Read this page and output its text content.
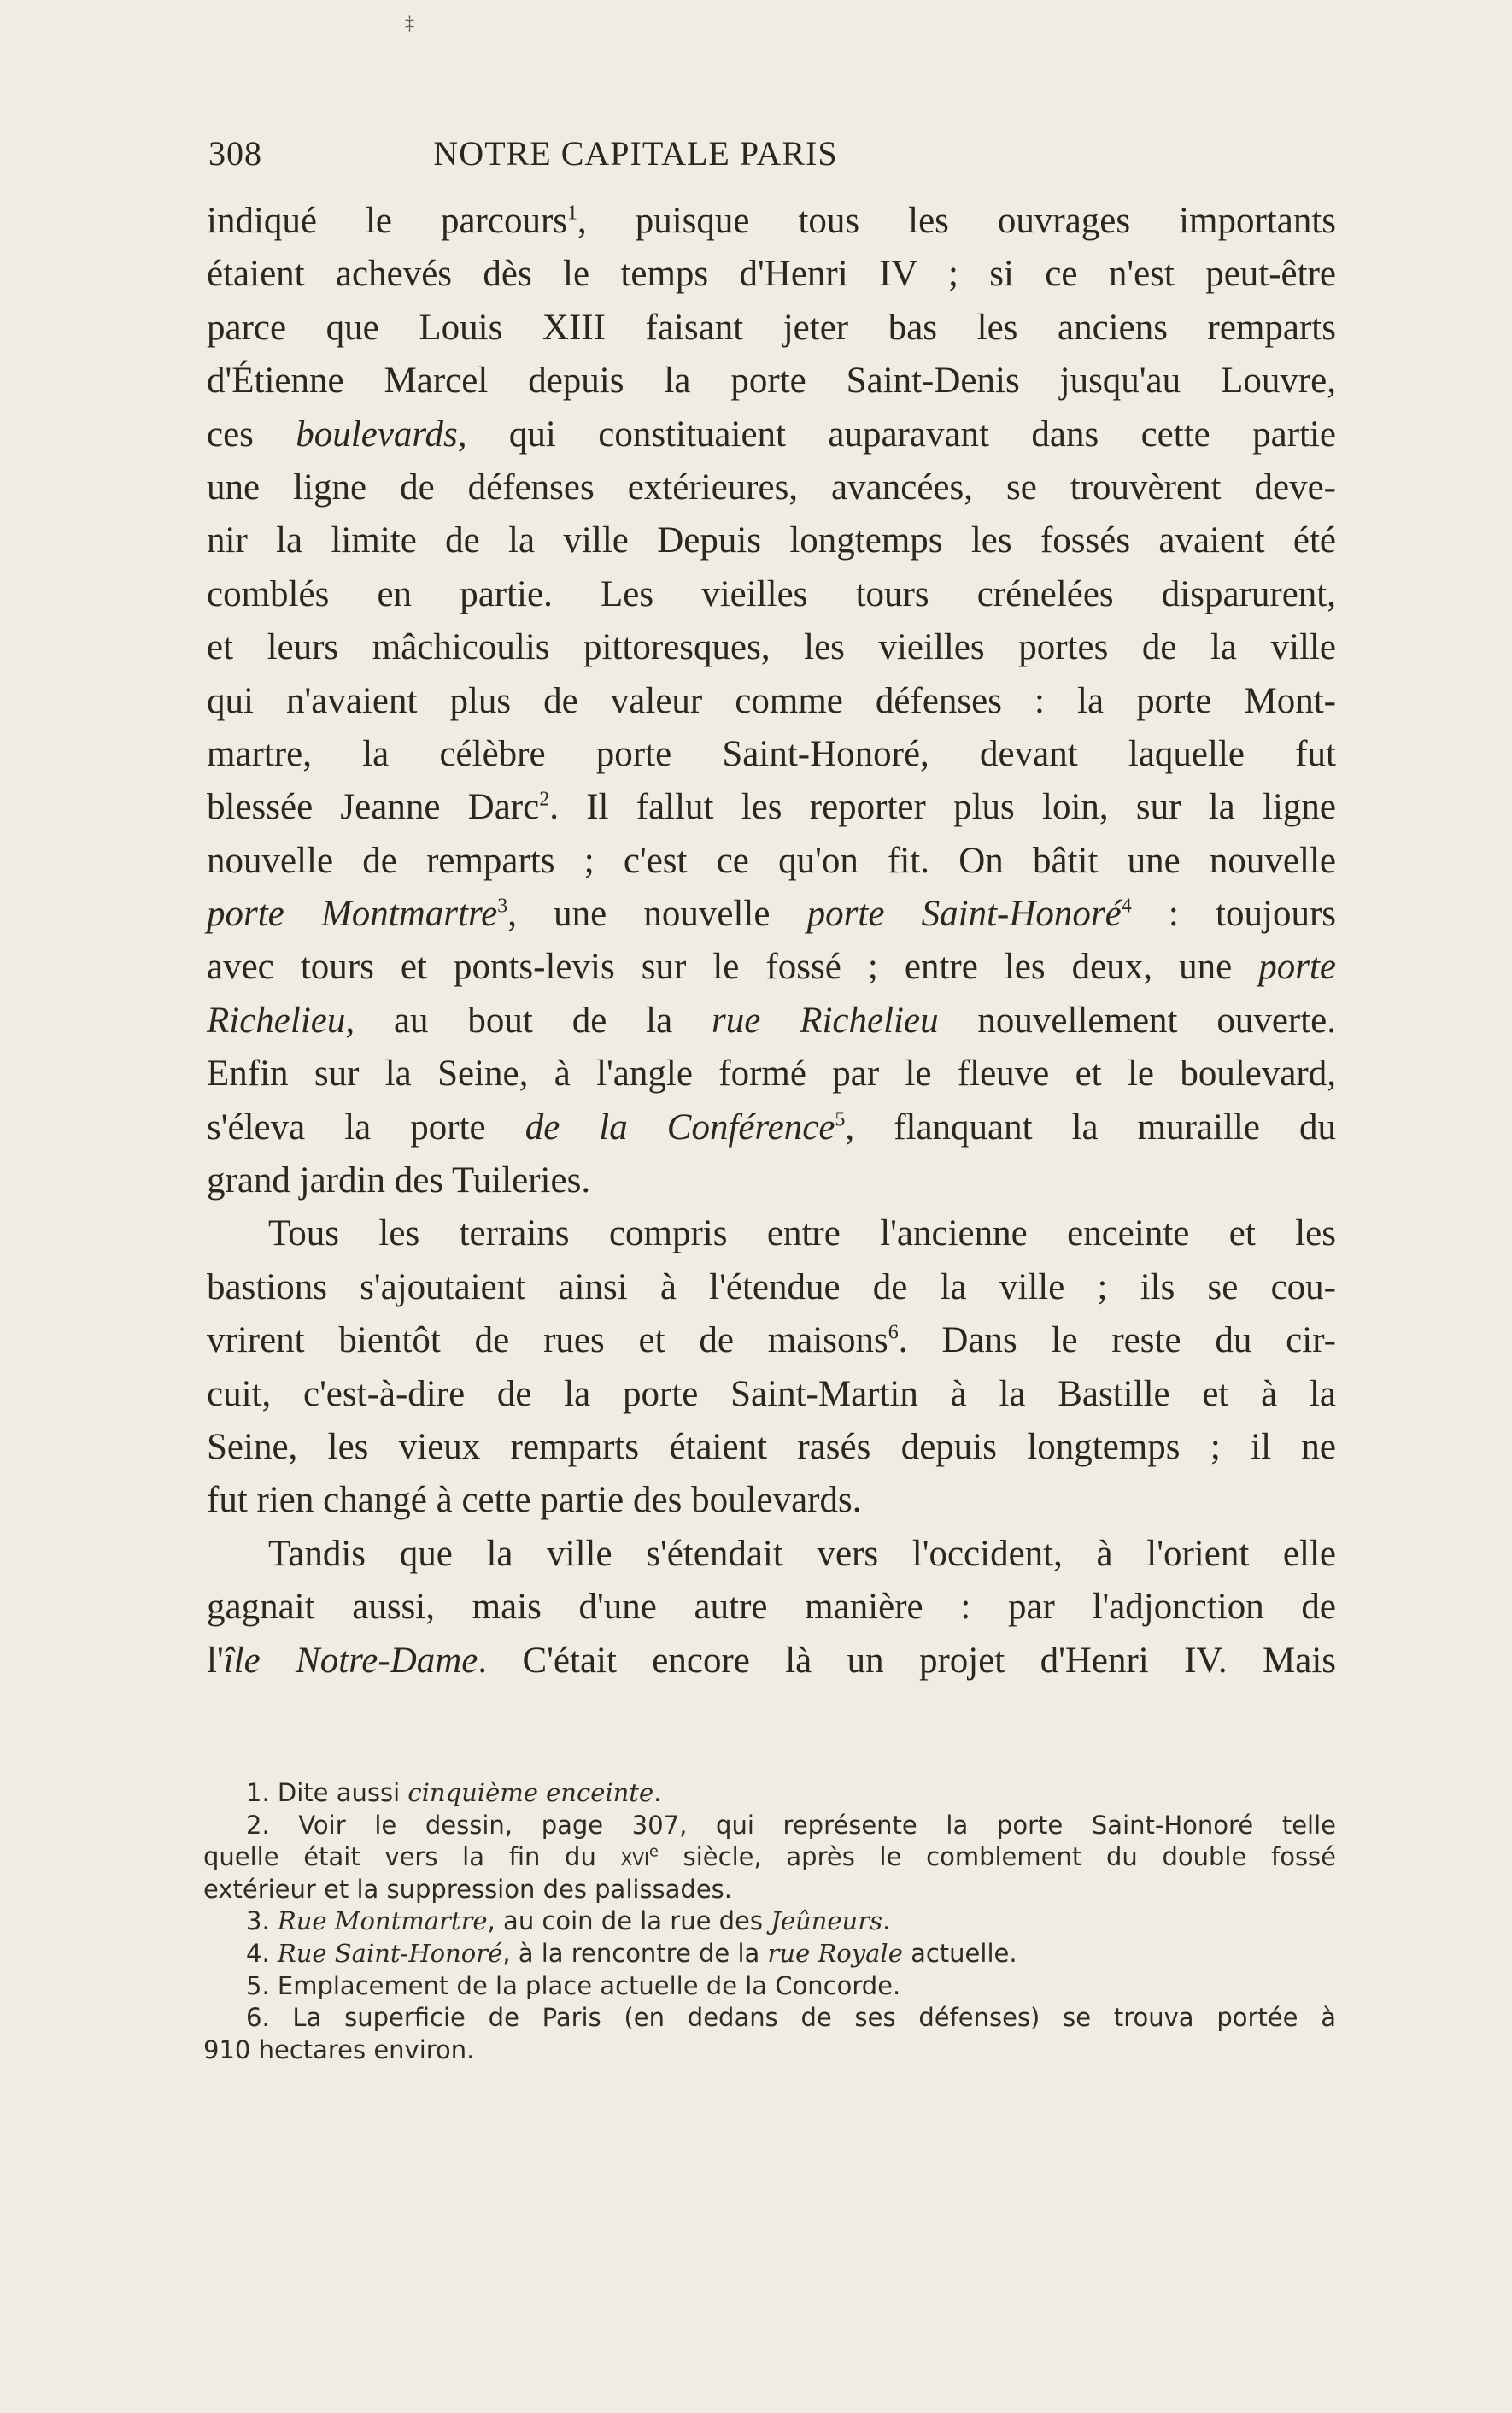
‡
308	NOTRE CAPITALE PARIS
indiqué le parcours$^1$, puisque tous les ouvrages importants
étaient achevés dès le temps d'Henri IV ; si ce n'est peut-être
parce que Louis XIII faisant jeter bas les anciens remparts
d'Étienne Marcel depuis la porte Saint-Denis jusqu'au Louvre,
ces boulevards, qui constituaient auparavant dans cette partie
une ligne de défenses extérieures, avancées, se trouvèrent deve-
nir la limite de la ville Depuis longtemps les fossés avaient été
comblés en partie. Les vieilles tours crénelées disparurent,
et leurs mâchicoulis pittoresques, les vieilles portes de la ville
qui n'avaient plus de valeur comme défenses : la porte Mont-
martre, la célèbre porte Saint-Honoré, devant laquelle fut
blessée Jeanne Darc$^2$. Il fallut les reporter plus loin, sur la ligne
nouvelle de remparts ; c'est ce qu'on fit. On bâtit une nouvelle
porte Montmartre$^3$, une nouvelle porte Saint-Honoré$^4$ : toujours
avec tours et ponts-levis sur le fossé ; entre les deux, une porte
Richelieu, au bout de la rue Richelieu nouvellement ouverte.
Enfin sur la Seine, à l'angle formé par le fleuve et le boulevard,
s'éleva la porte de la Conférence$^5$, flanquant la muraille du
grand jardin des Tuileries.
Tous les terrains compris entre l'ancienne enceinte et les
bastions s'ajoutaient ainsi à l'étendue de la ville ; ils se cou-
vrirent bientôt de rues et de maisons$^6$. Dans le reste du cir-
cuit, c'est-à-dire de la porte Saint-Martin à la Bastille et à la
Seine, les vieux remparts étaient rasés depuis longtemps ; il ne
fut rien changé à cette partie des boulevards.
Tandis que la ville s'étendait vers l'occident, à l'orient elle
gagnait aussi, mais d'une autre manière : par l'adjonction de
l'île Notre-Dame. C'était encore là un projet d'Henri IV. Mais
1. Dite aussi cinquième enceinte.
2. Voir le dessin, page 307, qui représente la porte Saint-Honoré telle
quelle était vers la fin du xvi$^e$ siècle, après le comblement du double fossé
extérieur et la suppression des palissades.
3. Rue Montmartre, au coin de la rue des Jeûneurs.
4. Rue Saint-Honoré, à la rencontre de la rue Royale actuelle.
5. Emplacement de la place actuelle de la Concorde.
6. La superficie de Paris (en dedans de ses défenses) se trouva portée à
910 hectares environ.
